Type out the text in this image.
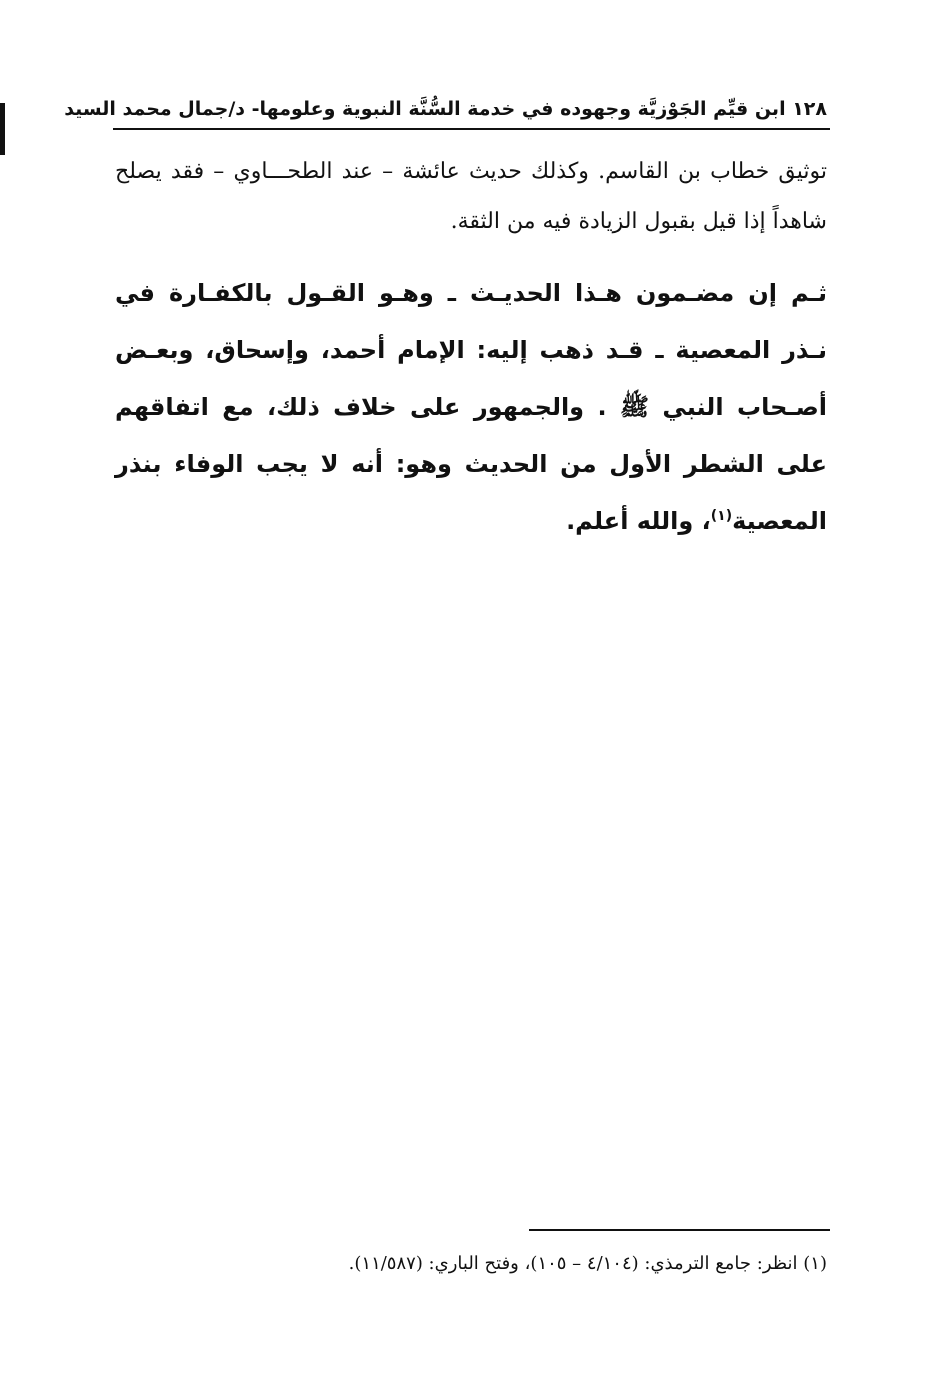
١٢٨ ابن قيِّم الجَوْزيَّة وجهوده في خدمة السُّنَّة النبوية وعلومها- د/جمال محمد السيد

توثيق خطاب بن القاسم. وكذلك حديث عائشة – عند الطحـــاوي – فقد يصلح شاهداً إذا قيل بقبول الزيادة فيه من الثقة.

ثـم إن مضـمون هـذا الحديـث ـ وهـو القـول بالكفـارة في نـذر المعصية ـ قـد ذهب إليه: الإمام أحمد، وإسحاق، وبعـض أصـحاب النبي ﷺ . والجمهور على خلاف ذلك، مع اتفاقهم على الشطر الأول من الحديث وهو: أنه لا يجب الوفاء بنذر المعصية$^{(١)}$، والله أعلم.

(١) انظر: جامع الترمذي: (٤/١٠٤ – ١٠٥)، وفتح الباري: (١١/٥٨٧).
